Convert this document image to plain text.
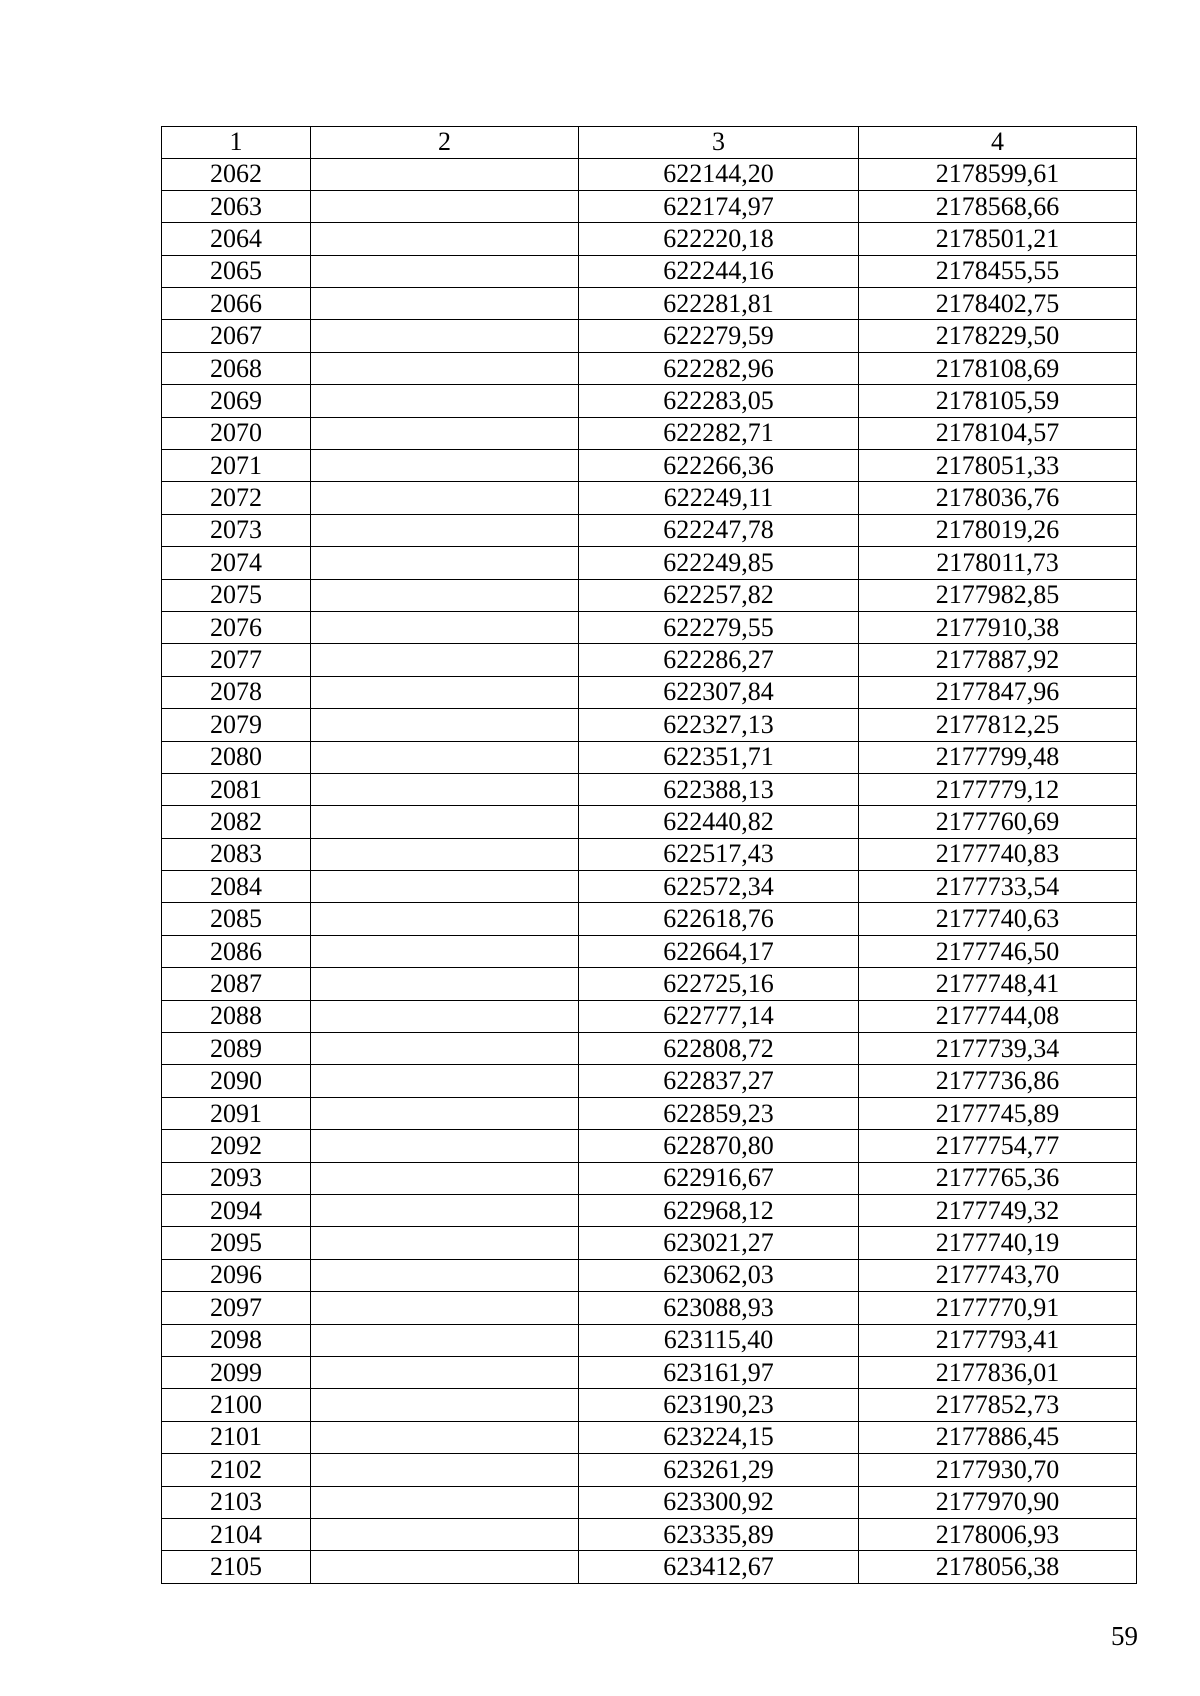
1	2	3	4
2062		622144,20	2178599,61
2063		622174,97	2178568,66
2064		622220,18	2178501,21
2065		622244,16	2178455,55
2066		622281,81	2178402,75
2067		622279,59	2178229,50
2068		622282,96	2178108,69
2069		622283,05	2178105,59
2070		622282,71	2178104,57
2071		622266,36	2178051,33
2072		622249,11	2178036,76
2073		622247,78	2178019,26
2074		622249,85	2178011,73
2075		622257,82	2177982,85
2076		622279,55	2177910,38
2077		622286,27	2177887,92
2078		622307,84	2177847,96
2079		622327,13	2177812,25
2080		622351,71	2177799,48
2081		622388,13	2177779,12
2082		622440,82	2177760,69
2083		622517,43	2177740,83
2084		622572,34	2177733,54
2085		622618,76	2177740,63
2086		622664,17	2177746,50
2087		622725,16	2177748,41
2088		622777,14	2177744,08
2089		622808,72	2177739,34
2090		622837,27	2177736,86
2091		622859,23	2177745,89
2092		622870,80	2177754,77
2093		622916,67	2177765,36
2094		622968,12	2177749,32
2095		623021,27	2177740,19
2096		623062,03	2177743,70
2097		623088,93	2177770,91
2098		623115,40	2177793,41
2099		623161,97	2177836,01
2100		623190,23	2177852,73
2101		623224,15	2177886,45
2102		623261,29	2177930,70
2103		623300,92	2177970,90
2104		623335,89	2178006,93
2105		623412,67	2178056,38
59
